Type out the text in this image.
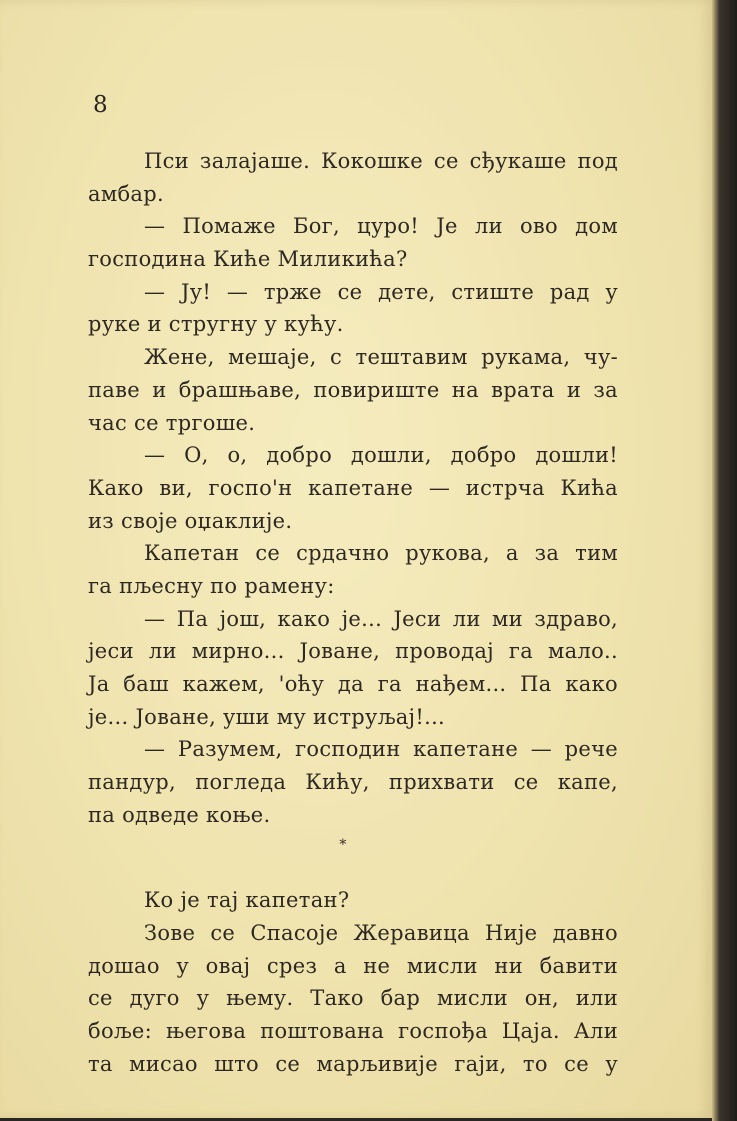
8
Пси залајаше. Кокошке се сђукаше под
амбар.
— Помаже Бог, цуро! Је ли ово дом
господина Киће Миликића?
— Ју! — трже се дете, стиште рад у
руке и стругну у кућу.
Жене, мешаје, с тештавим рукама, чу-
паве и брашњаве, повириште на врата и за
час се тргоше.
— О, о, добро дошли, добро дошли!
Како ви, госпо'н капетане — истрча Кића
из своје оџаклије.
Капетан се срдачно рукова, а за тим
га пљесну по рамену:
— Па још, како је... Јеси ли ми здраво,
јеси ли мирно... Јоване, проводај га мало..
Ја баш кажем, 'оћу да га нађем... Па како
је... Јоване, уши му иструљај!...
— Разумем, господин капетане — рече
пандур, погледа Кићу, прихвати се капе,
па одведе коње.
*
Ко је тај капетан?
Зове се Спасоје Жеравица Није давно
дошао у овај срез а не мисли ни бавити
се дуго у њему. Тако бар мисли он, или
боље: његова поштована госпођа Цаја. Али
та мисао што се марљивије гаји, то се у
